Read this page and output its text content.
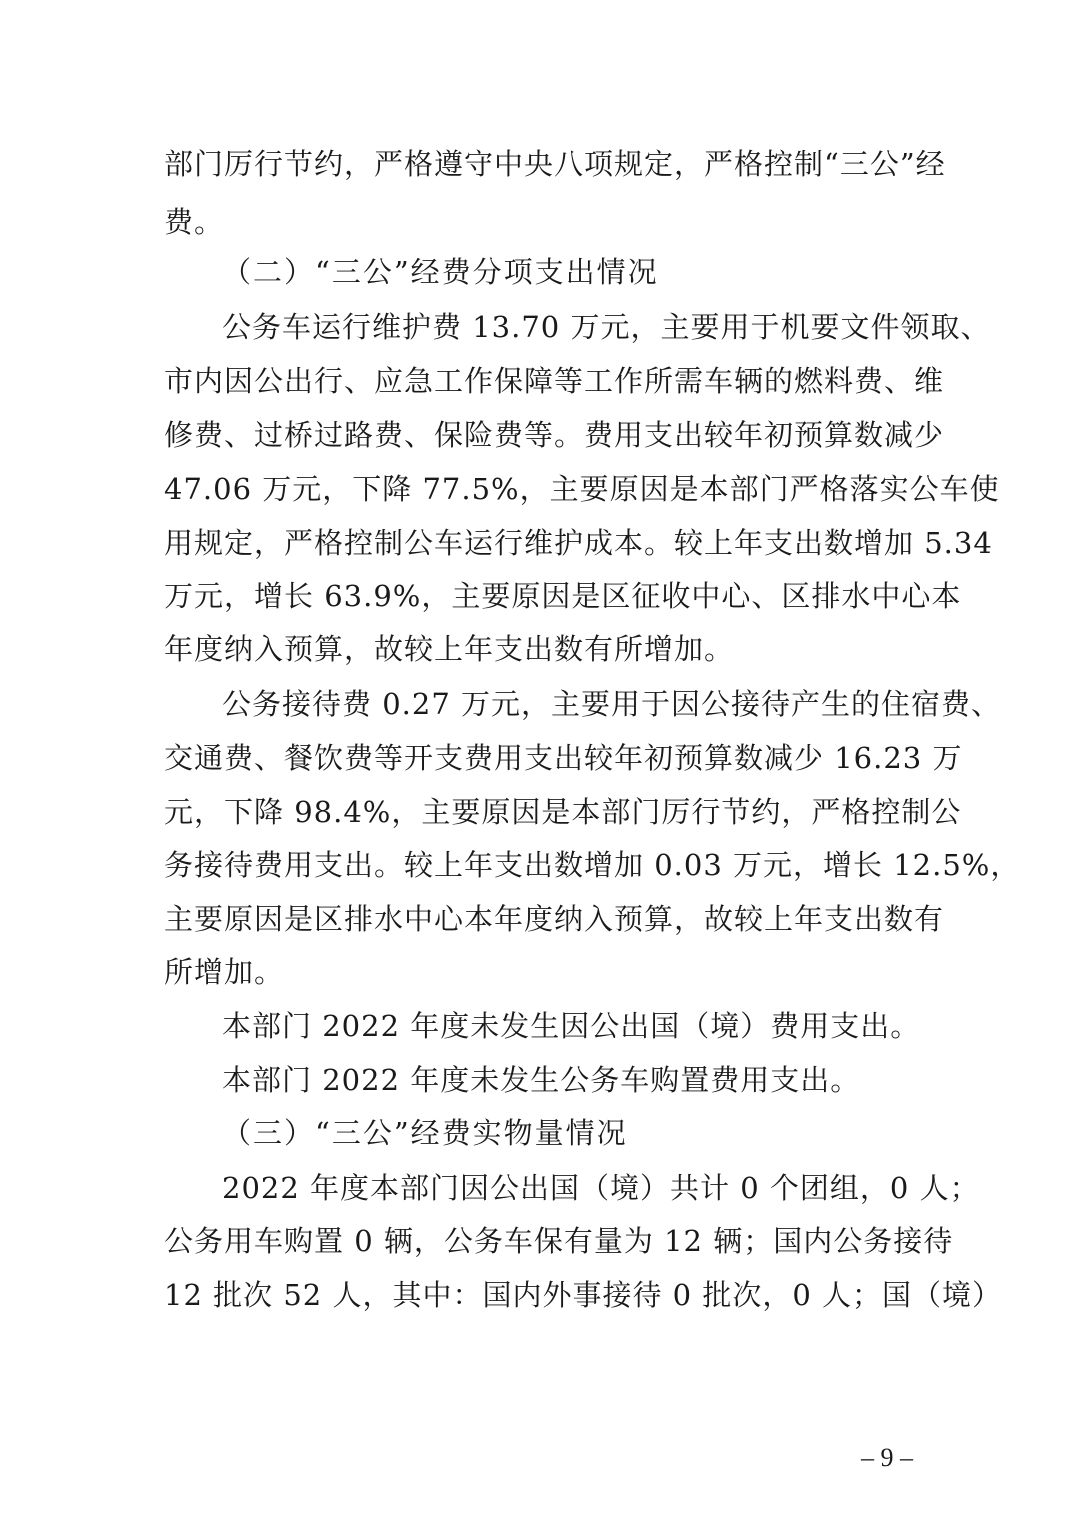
部门厉行节约，严格遵守中央八项规定，严格控制“三公”经
费。
（二）“三公”经费分项支出情况
公务车运行维护费 13.70 万元，主要用于机要文件领取、
市内因公出行、应急工作保障等工作所需车辆的燃料费、维
修费、过桥过路费、保险费等。费用支出较年初预算数减少
47.06 万元，下降 77.5%，主要原因是本部门严格落实公车使
用规定，严格控制公车运行维护成本。较上年支出数增加 5.34
万元，增长 63.9%，主要原因是区征收中心、区排水中心本
年度纳入预算，故较上年支出数有所增加。
公务接待费 0.27 万元，主要用于因公接待产生的住宿费、
交通费、餐饮费等开支费用支出较年初预算数减少 16.23 万
元，下降 98.4%，主要原因是本部门厉行节约，严格控制公
务接待费用支出。较上年支出数增加 0.03 万元，增长 12.5%，
主要原因是区排水中心本年度纳入预算，故较上年支出数有
所增加。
本部门 2022 年度未发生因公出国（境）费用支出。
本部门 2022 年度未发生公务车购置费用支出。
（三）“三公”经费实物量情况
2022 年度本部门因公出国（境）共计 0 个团组，0 人；
公务用车购置 0 辆，公务车保有量为 12 辆；国内公务接待
12 批次 52 人，其中：国内外事接待 0 批次，0 人；国（境）
– 9 –
